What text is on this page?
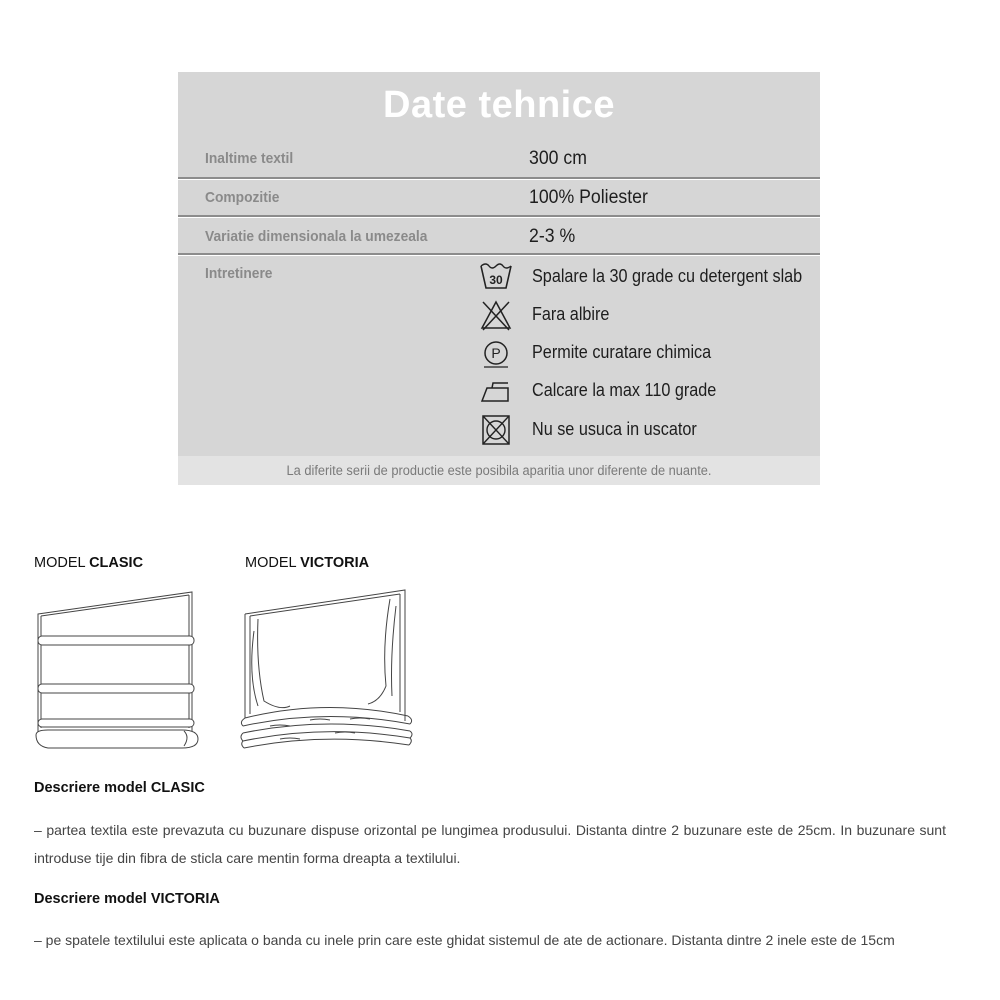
Date tehnice
Inaltime textil	300 cm
Compozitie	100% Poliester
Variatie dimensionala la umezeala	2-3 %
Intretinere	30 Spalare la 30 grade cu detergent slab
Fara albire
P Permite curatare chimica
Calcare la max 110 grade
Nu se usuca in uscator
La diferite serii de productie este posibila aparitia unor diferente de nuante.
MODEL CLASIC	MODEL VICTORIA
Descriere model CLASIC
– partea textila este prevazuta cu buzunare dispuse orizontal pe lungimea produsului. Distanta dintre 2 buzunare este de 25cm. In buzunare sunt introduse tije din fibra de sticla care mentin forma dreapta a textilului.
Descriere model VICTORIA
– pe spatele textilului este aplicata o banda cu inele prin care este ghidat sistemul de ate de actionare. Distanta dintre 2 inele este de 15cm
